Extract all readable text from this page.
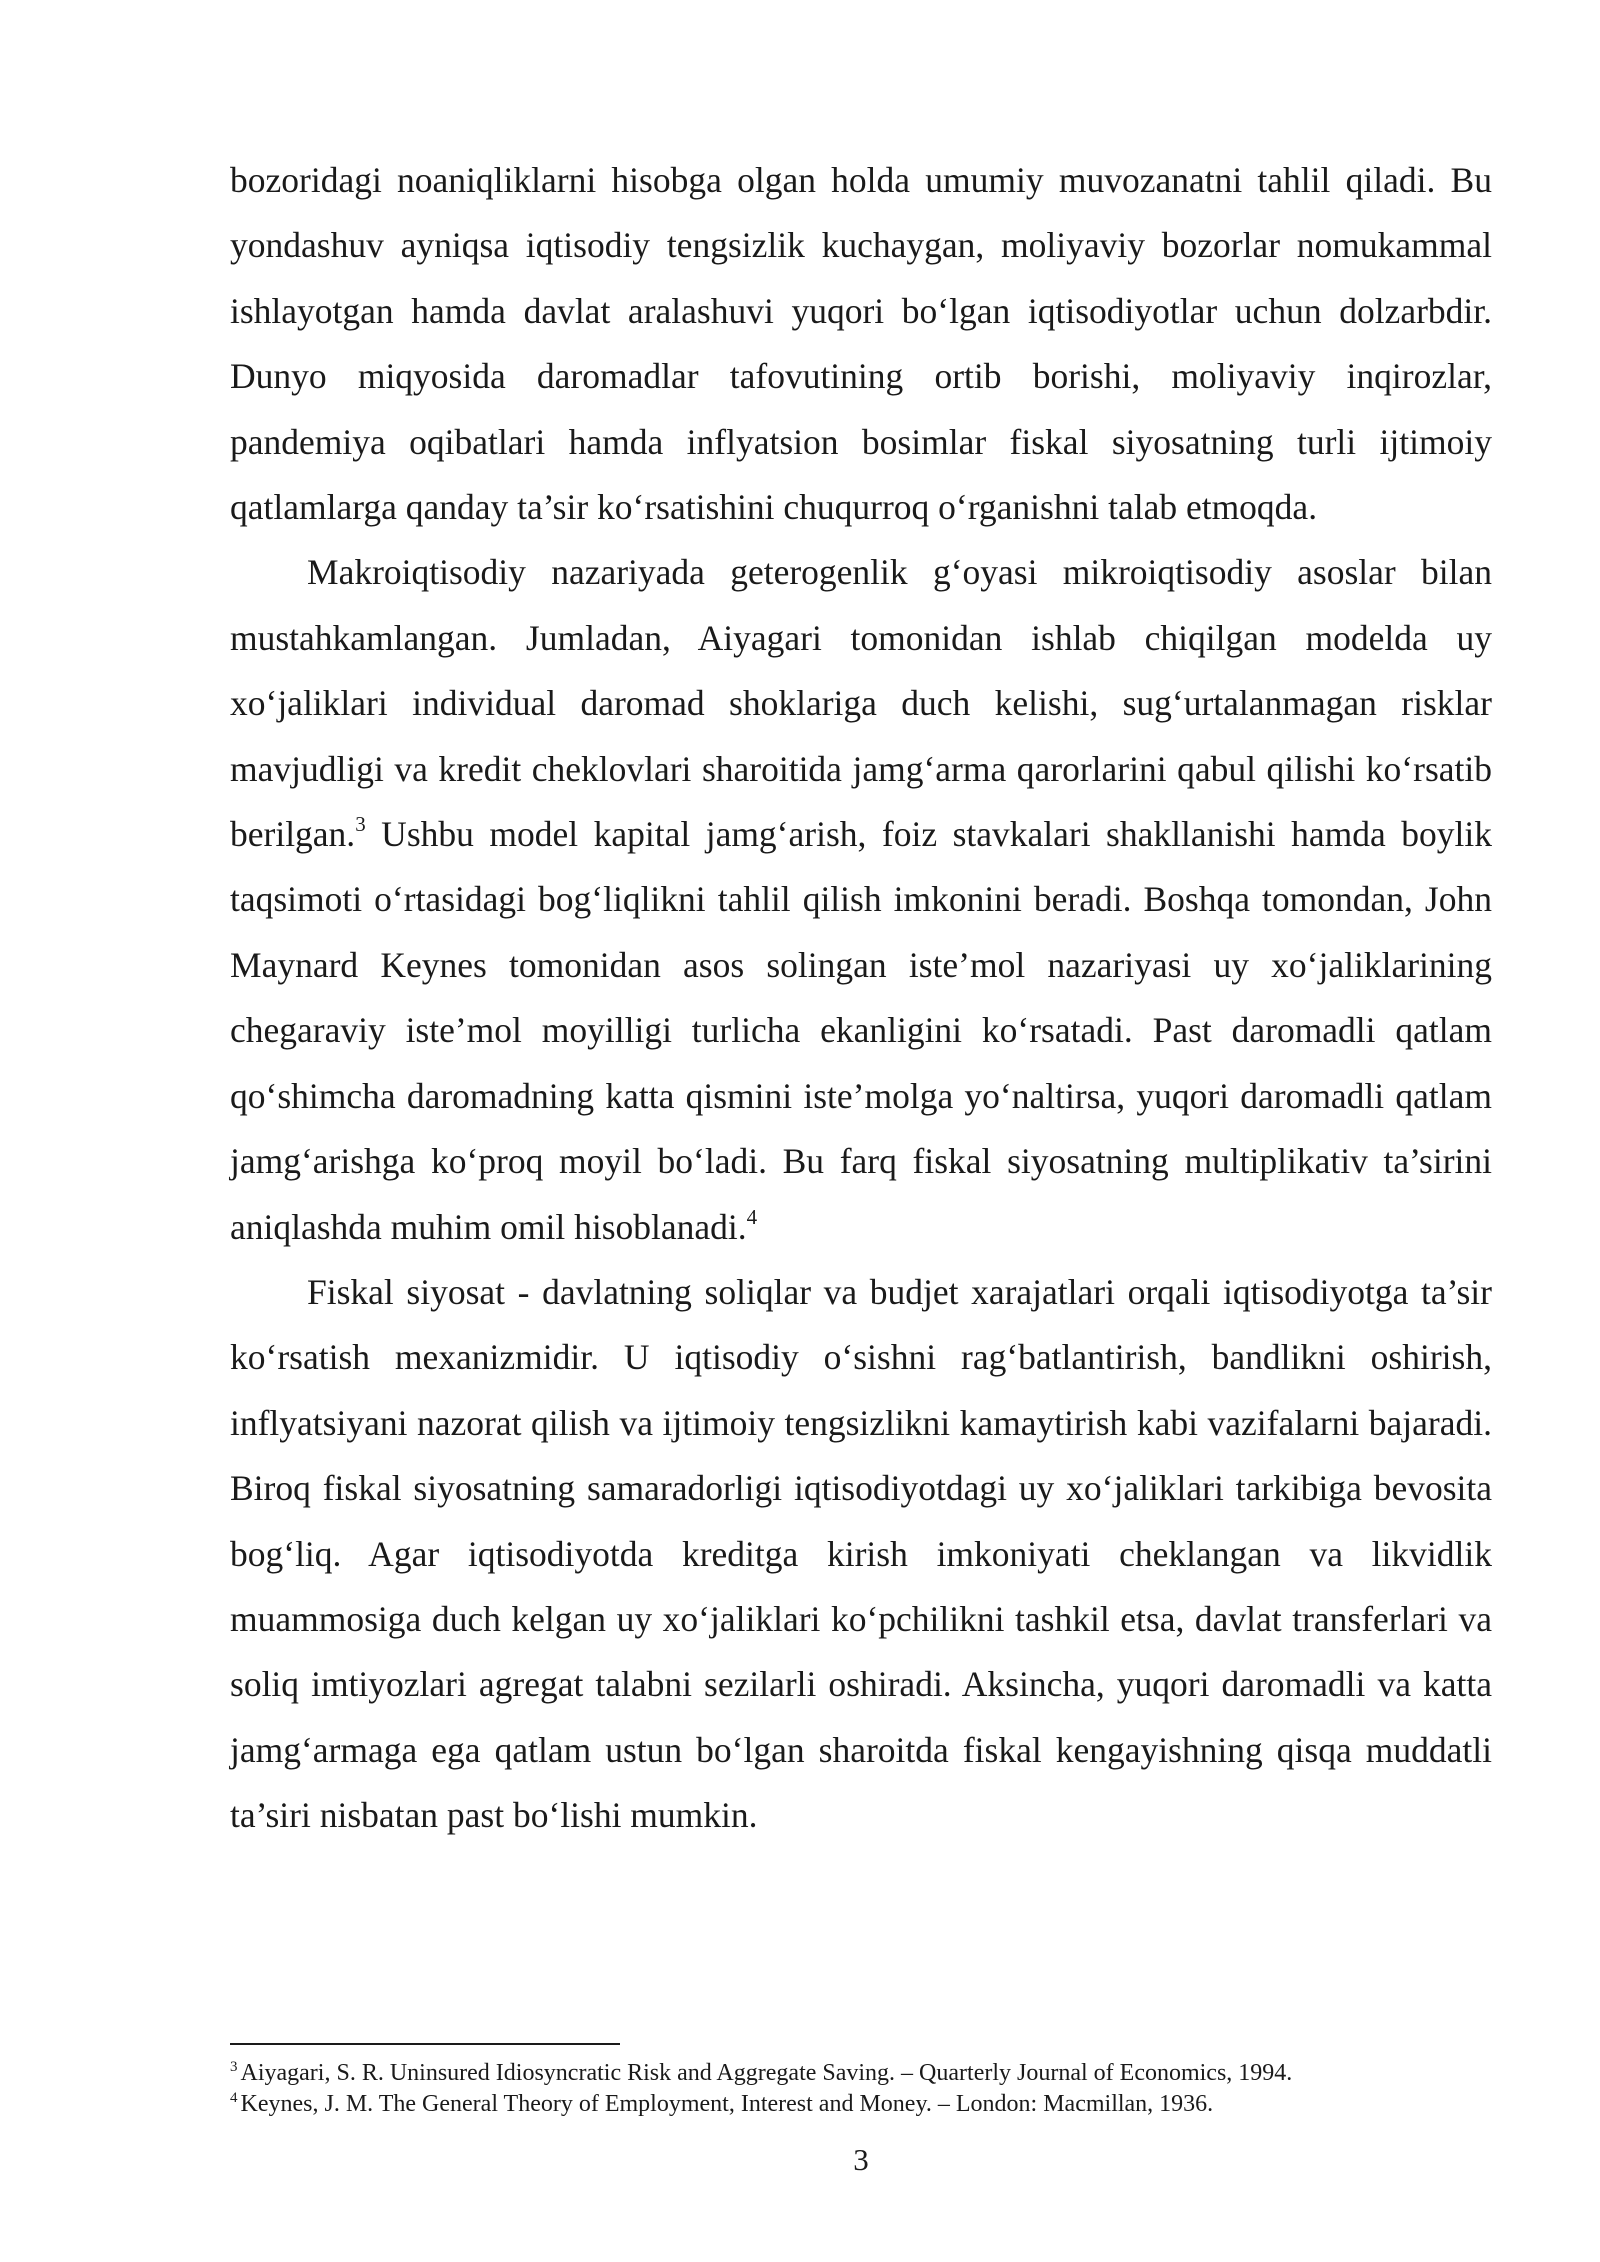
bozoridagi noaniqliklarni hisobga olgan holda umumiy muvozanatni tahlil qiladi. Bu yondashuv ayniqsa iqtisodiy tengsizlik kuchaygan, moliyaviy bozorlar nomukammal ishlayotgan hamda davlat aralashuvi yuqori bo‘lgan iqtisodiyotlar uchun dolzarbdir. Dunyo miqyosida daromadlar tafovutining ortib borishi, moliyaviy inqirozlar, pandemiya oqibatlari hamda inflyatsion bosimlar fiskal siyosatning turli ijtimoiy qatlamlarga qanday ta’sir ko‘rsatishini chuqurroq o‘rganishni talab etmoqda.

Makroiqtisodiy nazariyada geterogenlik g‘oyasi mikroiqtisodiy asoslar bilan mustahkamlangan. Jumladan, Aiyagari tomonidan ishlab chiqilgan modelda uy xo‘jaliklari individual daromad shoklariga duch kelishi, sug‘urtalanmagan risklar mavjudligi va kredit cheklovlari sharoitida jamg‘arma qarorlarini qabul qilishi ko‘rsatib berilgan.$^3$ Ushbu model kapital jamg‘arish, foiz stavkalari shakllanishi hamda boylik taqsimoti o‘rtasidagi bog‘liqlikni tahlil qilish imkonini beradi. Boshqa tomondan, John Maynard Keynes tomonidan asos solingan iste’mol nazariyasi uy xo‘jaliklarining chegaraviy iste’mol moyilligi turlicha ekanligini ko‘rsatadi. Past daromadli qatlam qo‘shimcha daromadning katta qismini iste’molga yo‘naltirsa, yuqori daromadli qatlam jamg‘arishga ko‘proq moyil bo‘ladi. Bu farq fiskal siyosatning multiplikativ ta’sirini aniqlashda muhim omil hisoblanadi.$^4$

Fiskal siyosat - davlatning soliqlar va budjet xarajatlari orqali iqtisodiyotga ta’sir ko‘rsatish mexanizmidir. U iqtisodiy o‘sishni rag‘batlantirish, bandlikni oshirish, inflyatsiyani nazorat qilish va ijtimoiy tengsizlikni kamaytirish kabi vazifalarni bajaradi. Biroq fiskal siyosatning samaradorligi iqtisodiyotdagi uy xo‘jaliklari tarkibiga bevosita bog‘liq. Agar iqtisodiyotda kreditga kirish imkoniyati cheklangan va likvidlik muammosiga duch kelgan uy xo‘jaliklari ko‘pchilikni tashkil etsa, davlat transferlari va soliq imtiyozlari agregat talabni sezilarli oshiradi. Aksincha, yuqori daromadli va katta jamg‘armaga ega qatlam ustun bo‘lgan sharoitda fiskal kengayishning qisqa muddatli ta’siri nisbatan past bo‘lishi mumkin.

$^3$ Aiyagari, S. R. Uninsured Idiosyncratic Risk and Aggregate Saving. – Quarterly Journal of Economics, 1994.

$^4$ Keynes, J. M. The General Theory of Employment, Interest and Money. – London: Macmillan, 1936.

3
